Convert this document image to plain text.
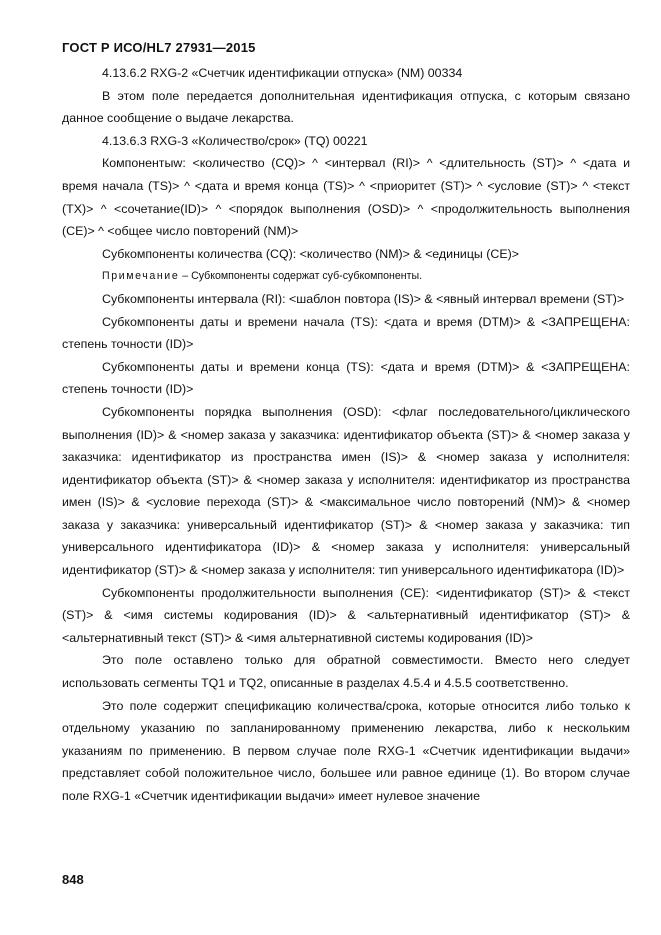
ГОСТ Р ИСО/HL7 27931—2015

4.13.6.2 RXG-2 «Счетчик идентификации отпуска» (NM) 00334

В этом поле передается дополнительная идентификация отпуска, с которым связано данное сообщение о выдаче лекарства.

4.13.6.3 RXG-3 «Количество/срок» (TQ) 00221

Компонентыw: <количество (CQ)> ^ <интервал (RI)> ^ <длительность (ST)> ^ <дата и время начала (TS)> ^ <дата и время конца (TS)> ^ <приоритет (ST)> ^ <условие (ST)> ^ <текст (TX)> ^ <сочетание(ID)> ^ <порядок выполнения (OSD)> ^ <продолжительность выполнения (CE)> ^ <общее число повторений (NM)>

Субкомпоненты количества (CQ): <количество (NM)> & <единицы (CE)>

Примечание – Субкомпоненты содержат суб-субкомпоненты.

Субкомпоненты интервала (RI): <шаблон повтора (IS)> & <явный интервал времени (ST)>

Субкомпоненты даты и времени начала (TS): <дата и время (DTM)> & <ЗАПРЕЩЕНА: степень точности (ID)>

Субкомпоненты даты и времени конца (TS): <дата и время (DTM)> & <ЗАПРЕЩЕНА: степень точности (ID)>

Субкомпоненты порядка выполнения (OSD): <флаг последовательного/циклического выполнения (ID)> & <номер заказа у заказчика: идентификатор объекта (ST)> & <номер заказа у заказчика: идентификатор из пространства имен (IS)> & <номер заказа у исполнителя: идентификатор объекта (ST)> & <номер заказа у исполнителя: идентификатор из пространства имен (IS)> & <условие перехода (ST)> & <максимальное число повторений (NM)> & <номер заказа у заказчика: универсальный идентификатор (ST)> & <номер заказа у заказчика: тип универсального идентификатора (ID)> & <номер заказа у исполнителя: универсальный идентификатор (ST)> & <номер заказа у исполнителя: тип универсального идентификатора (ID)>

Субкомпоненты продолжительности выполнения (CE): <идентификатор (ST)> & <текст (ST)> & <имя системы кодирования (ID)> & <альтернативный идентификатор (ST)> & <альтернативный текст (ST)> & <имя альтернативной системы кодирования (ID)>

Это поле оставлено только для обратной совместимости. Вместо него следует использовать сегменты TQ1 и TQ2, описанные в разделах 4.5.4 и 4.5.5 соответственно.

Это поле содержит спецификацию количества/срока, которые относится либо только к отдельному указанию по запланированному применению лекарства, либо к нескольким указаниям по применению. В первом случае поле RXG-1 «Счетчик идентификации выдачи» представляет собой положительное число, большее или равное единице (1). Во втором случае поле RXG-1 «Счетчик идентификации выдачи» имеет нулевое значение

848
